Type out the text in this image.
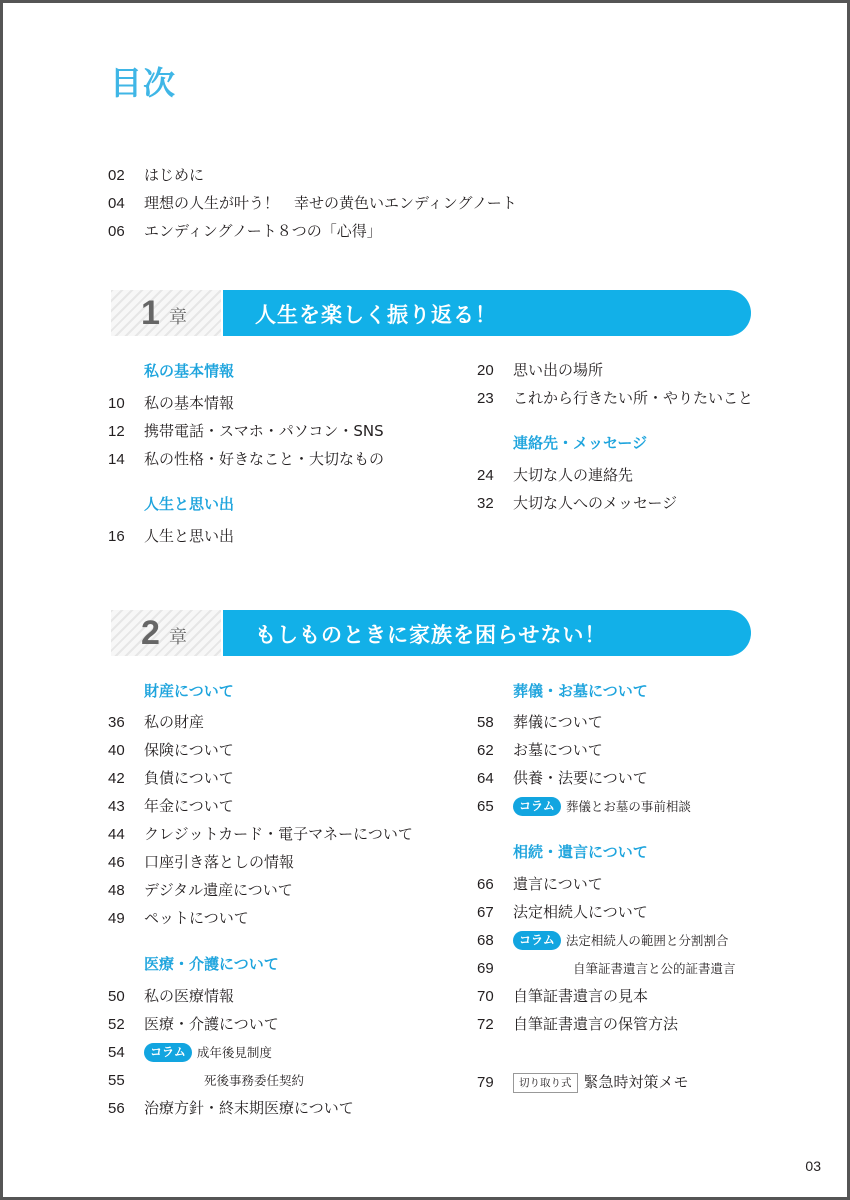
目次
02 はじめに
04 理想の人生が叶う！　幸せの黄色いエンディングノート
06 エンディングノート８つの「心得」
1 章	人生を楽しく振り返る！
私の基本情報
10 私の基本情報
12 携帯電話・スマホ・パソコン・SNS
14 私の性格・好きなこと・大切なもの
人生と思い出
16 人生と思い出
20 思い出の場所
23 これから行きたい所・やりたいこと
連絡先・メッセージ
24 大切な人の連絡先
32 大切な人へのメッセージ
2 章	もしものときに家族を困らせない！
財産について
36 私の財産
40 保険について
42 負債について
43 年金について
44 クレジットカード・電子マネーについて
46 口座引き落としの情報
48 デジタル遺産について
49 ペットについて
医療・介護について
50 私の医療情報
52 医療・介護について
54 コラム 成年後見制度
55	死後事務委任契約
56 治療方針・終末期医療について
葬儀・お墓について
58 葬儀について
62 お墓について
64 供養・法要について
65 コラム 葬儀とお墓の事前相談
相続・遺言について
66 遺言について
67 法定相続人について
68 コラム 法定相続人の範囲と分割割合
69	自筆証書遺言と公的証書遺言
70 自筆証書遺言の見本
72 自筆証書遺言の保管方法
79 切り取り式 緊急時対策メモ
03
